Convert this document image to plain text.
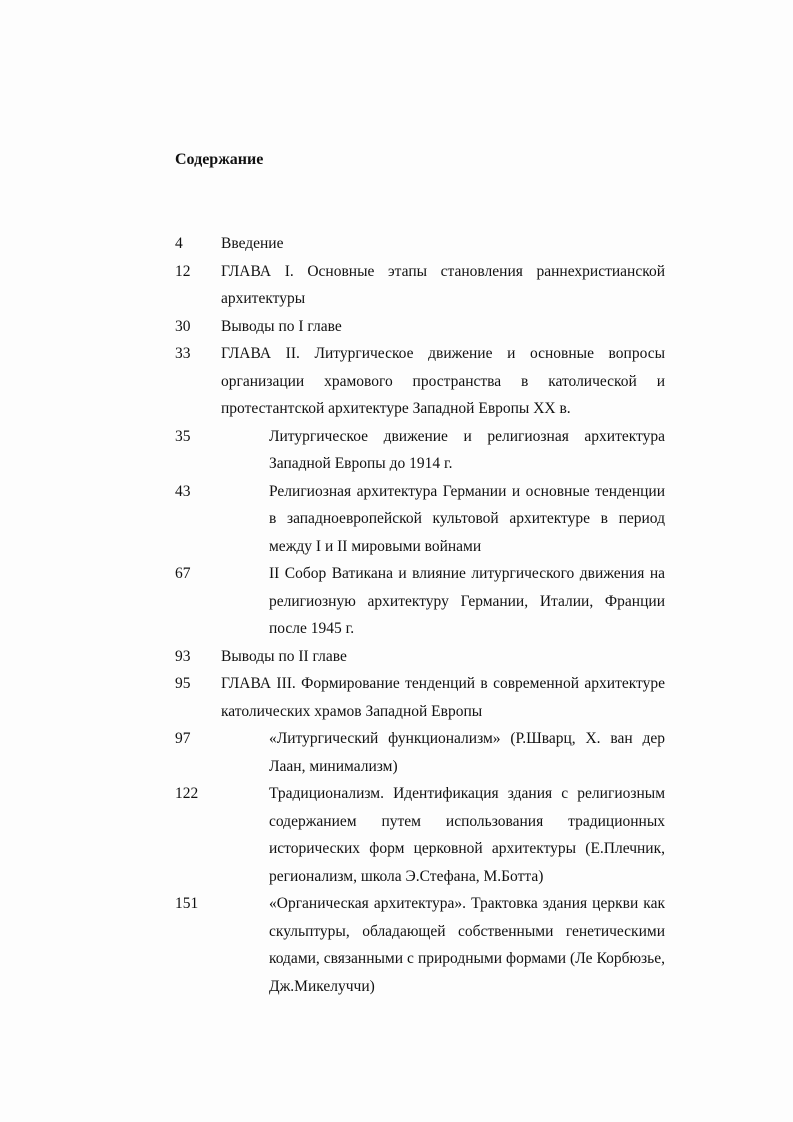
Содержание
4	Введение
12	ГЛАВА I. Основные этапы становления раннехристианской архитектуры
30	Выводы по I главе
33	ГЛАВА II. Литургическое движение и основные вопросы организации храмового пространства в католической и протестантской архитектуре Западной Европы XX в.
35	Литургическое движение и религиозная архитектура Западной Европы до 1914 г.
43	Религиозная архитектура Германии и основные тенденции в западноевропейской культовой архитектуре в период между I и II мировыми войнами
67	II Собор Ватикана и влияние литургического движения на религиозную архитектуру Германии, Италии, Франции после 1945 г.
93	Выводы по II главе
95	ГЛАВА III. Формирование тенденций в современной архитектуре католических храмов Западной Европы
97	«Литургический функционализм» (Р.Шварц, Х. ван дер Лаан, минимализм)
122	Традиционализм. Идентификация здания с религиозным содержанием путем использования традиционных исторических форм церковной архитектуры (Е.Плечник, регионализм, школа Э.Стефана, М.Ботта)
151	«Органическая архитектура». Трактовка здания церкви как скульптуры, обладающей собственными генетическими кодами, связанными с природными формами (Ле Корбюзье, Дж.Микелуччи)
